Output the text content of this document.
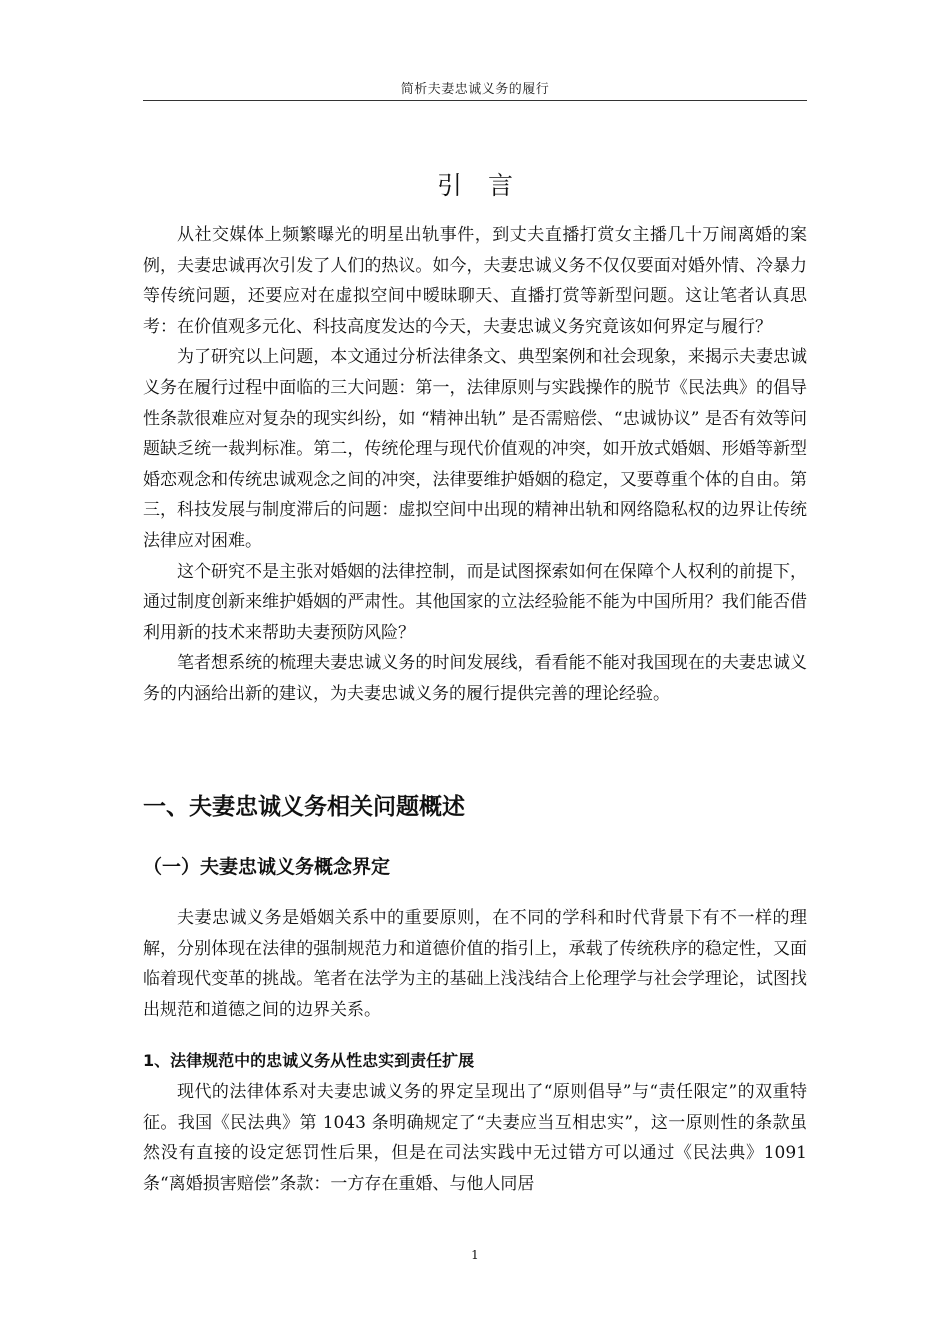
简析夫妻忠诚义务的履行
引言

从社交媒体上频繁曝光的明星出轨事件，到丈夫直播打赏女主播几十万闹离婚的案例，夫妻忠诚再次引发了人们的热议。如今，夫妻忠诚义务不仅仅要面对婚外情、冷暴力等传统问题，还要应对在虚拟空间中暧昧聊天、直播打赏等新型问题。这让笔者认真思考：在价值观多元化、科技高度发达的今天，夫妻忠诚义务究竟该如何界定与履行？

为了研究以上问题，本文通过分析法律条文、典型案例和社会现象，来揭示夫妻忠诚义务在履行过程中面临的三大问题：第一，法律原则与实践操作的脱节《民法典》的倡导性条款很难应对复杂的现实纠纷，如 “精神出轨” 是否需赔偿、“忠诚协议” 是否有效等问题缺乏统一裁判标准。第二，传统伦理与现代价值观的冲突，如开放式婚姻、形婚等新型婚恋观念和传统忠诚观念之间的冲突，法律要维护婚姻的稳定，又要尊重个体的自由。第三，科技发展与制度滞后的问题：虚拟空间中出现的精神出轨和网络隐私权的边界让传统法律应对困难。

这个研究不是主张对婚姻的法律控制，而是试图探索如何在保障个人权利的前提下，通过制度创新来维护婚姻的严肃性。其他国家的立法经验能不能为中国所用？我们能否借利用新的技术来帮助夫妻预防风险？

笔者想系统的梳理夫妻忠诚义务的时间发展线，看看能不能对我国现在的夫妻忠诚义务的内涵给出新的建议，为夫妻忠诚义务的履行提供完善的理论经验。

一、夫妻忠诚义务相关问题概述
（一）夫妻忠诚义务概念界定

夫妻忠诚义务是婚姻关系中的重要原则，在不同的学科和时代背景下有不一样的理解，分别体现在法律的强制规范力和道德价值的指引上，承载了传统秩序的稳定性，又面临着现代变革的挑战。笔者在法学为主的基础上浅浅结合上伦理学与社会学理论，试图找出规范和道德之间的边界关系。

1、法律规范中的忠诚义务从性忠实到责任扩展

现代的法律体系对夫妻忠诚义务的界定呈现出了“原则倡导”与“责任限定”的双重特征。我国《民法典》第 1043 条明确规定了“夫妻应当互相忠实”，这一原则性的条款虽然没有直接的设定惩罚性后果，但是在司法实践中无过错方可以通过《民法典》1091 条“离婚损害赔偿”条款：一方存在重婚、与他人同居

1
